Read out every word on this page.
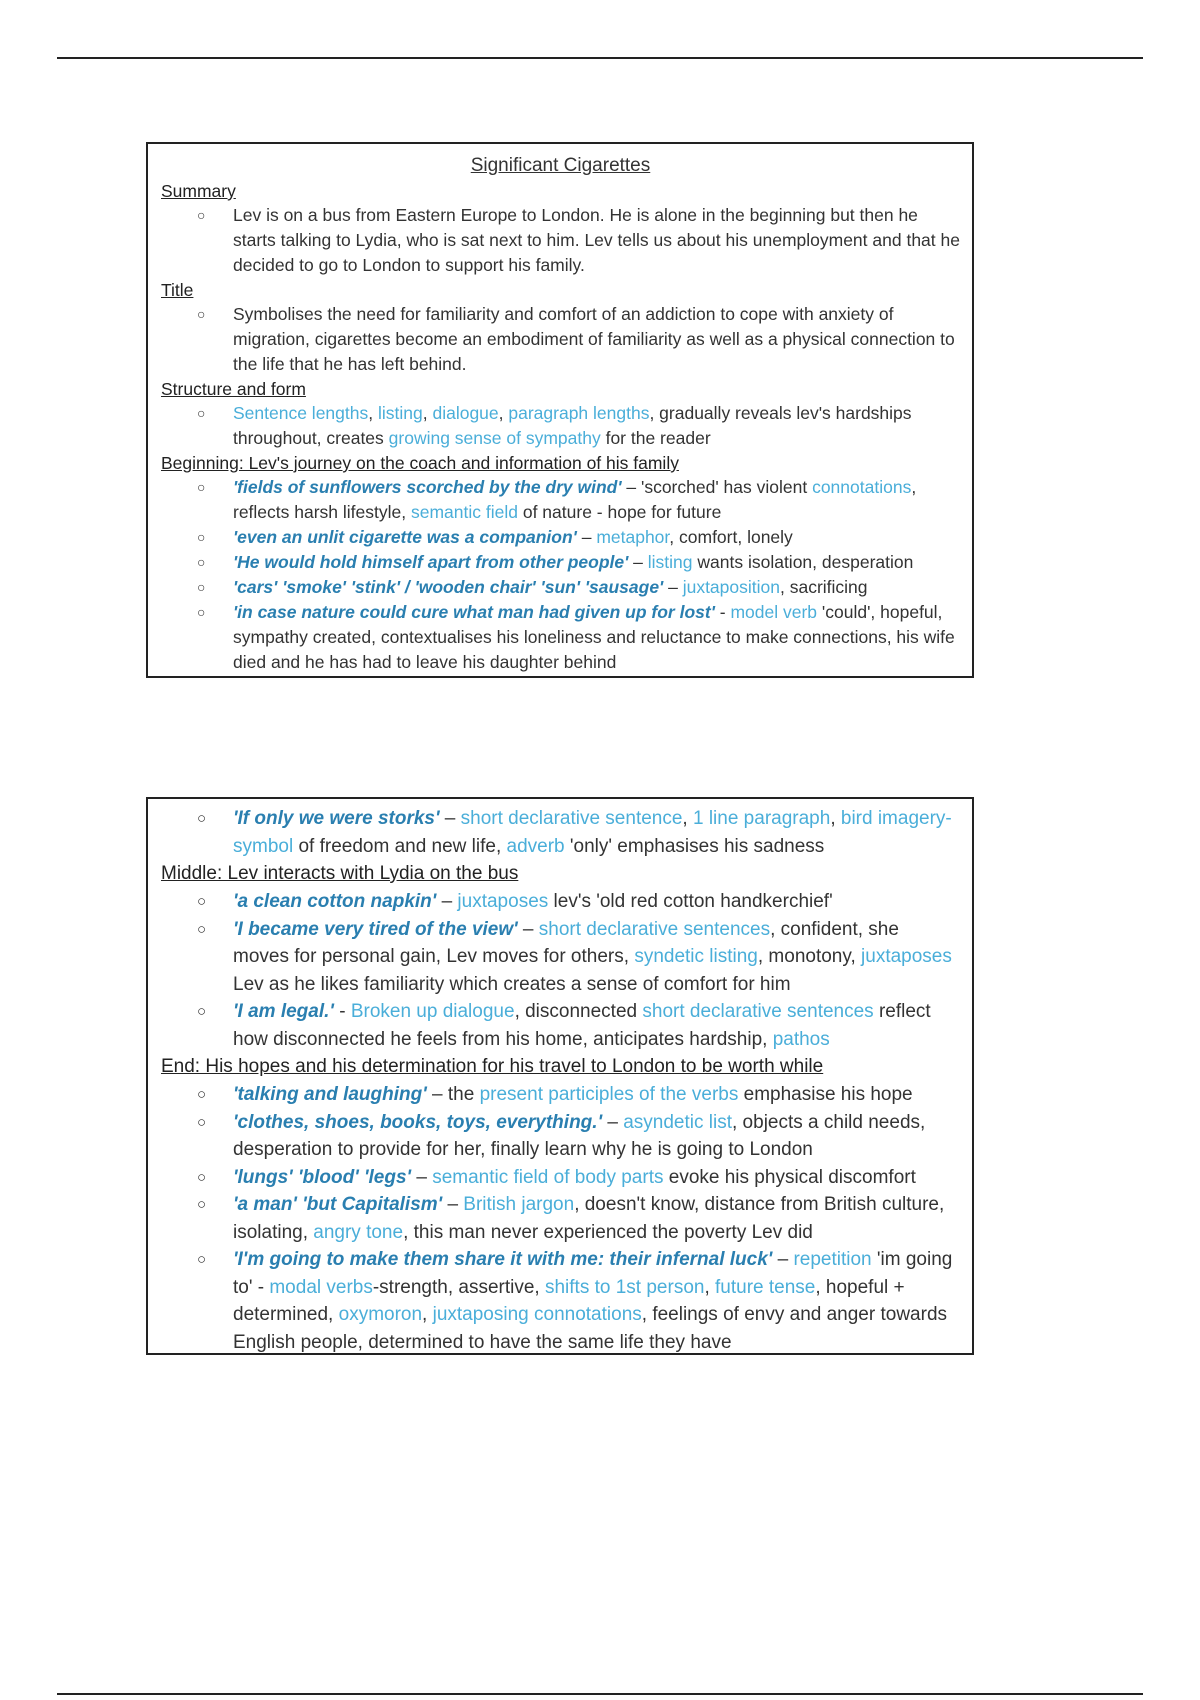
Significant Cigarettes
Summary
○ Lev is on a bus from Eastern Europe to London. He is alone in the beginning but then he starts talking to Lydia, who is sat next to him. Lev tells us about his unemployment and that he decided to go to London to support his family.
Title
○ Symbolises the need for familiarity and comfort of an addiction to cope with anxiety of migration, cigarettes become an embodiment of familiarity as well as a physical connection to the life that he has left behind.
Structure and form
○ Sentence lengths, listing, dialogue, paragraph lengths, gradually reveals lev's hardships throughout, creates growing sense of sympathy for the reader
Beginning: Lev's journey on the coach and information of his family
○ 'fields of sunflowers scorched by the dry wind' – 'scorched' has violent connotations, reflects harsh lifestyle, semantic field of nature - hope for future
○ 'even an unlit cigarette was a companion' – metaphor, comfort, lonely
○ 'He would hold himself apart from other people' – listing wants isolation, desperation
○ 'cars' 'smoke' 'stink' / 'wooden chair' 'sun' 'sausage' – juxtaposition, sacrificing
○ 'in case nature could cure what man had given up for lost' - model verb 'could', hopeful, sympathy created, contextualises his loneliness and reluctance to make connections, his wife died and he has had to leave his daughter behind
○ 'If only we were storks' – short declarative sentence, 1 line paragraph, bird imagery-symbol of freedom and new life, adverb 'only' emphasises his sadness
Middle: Lev interacts with Lydia on the bus
○ 'a clean cotton napkin' – juxtaposes lev's 'old red cotton handkerchief'
○ 'I became very tired of the view' – short declarative sentences, confident, she moves for personal gain, Lev moves for others, syndetic listing, monotony, juxtaposes Lev as he likes familiarity which creates a sense of comfort for him
○ 'I am legal.' - Broken up dialogue, disconnected short declarative sentences reflect how disconnected he feels from his home, anticipates hardship, pathos
End: His hopes and his determination for his travel to London to be worth while
○ 'talking and laughing' – the present participles of the verbs emphasise his hope
○ 'clothes, shoes, books, toys, everything.' – asyndetic list, objects a child needs, desperation to provide for her, finally learn why he is going to London
○ 'lungs' 'blood' 'legs' – semantic field of body parts evoke his physical discomfort
○ 'a man' 'but Capitalism' – British jargon, doesn't know, distance from British culture, isolating, angry tone, this man never experienced the poverty Lev did
○ 'I'm going to make them share it with me: their infernal luck' – repetition 'im going to' - modal verbs-strength, assertive, shifts to 1st person, future tense, hopeful + determined, oxymoron, juxtaposing connotations, feelings of envy and anger towards English people, determined to have the same life they have
